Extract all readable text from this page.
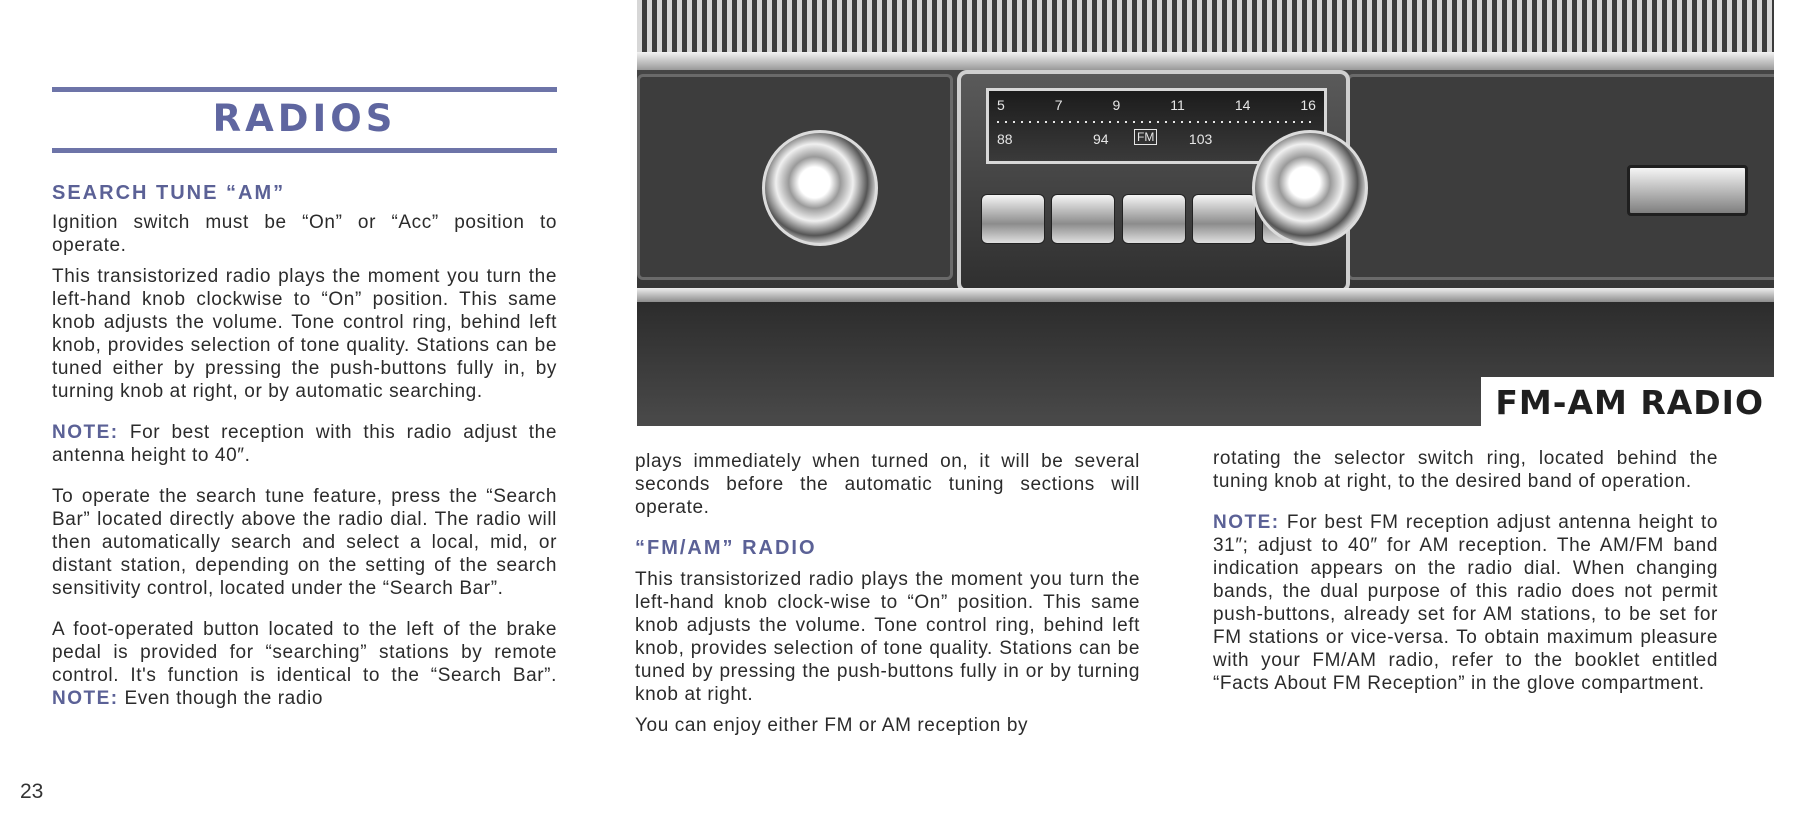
RADIOS
SEARCH TUNE “AM”

Ignition switch must be “On” or “Acc” position to operate.

This transistorized radio plays the moment you turn the left-hand knob clockwise to “On” position. This same knob adjusts the volume. Tone control ring, behind left knob, provides selection of tone quality. Stations can be tuned either by pressing the push-buttons fully in, by turning knob at right, or by automatic searching.

NOTE: For best reception with this radio adjust the antenna height to 40″.

To operate the search tune feature, press the “Search Bar” located directly above the radio dial. The radio will then automatically search and select a local, mid, or distant station, depending on the setting of the search sensitivity control, located under the “Search Bar”.

A foot-operated button located to the left of the brake pedal is provided for “searching” stations by remote control. It's function is identical to the “Search Bar”. NOTE: Even though the radio

5	7	9	11	14	16
88	94	103
FM
FM-AM RADIO

plays immediately when turned on, it will be several seconds before the automatic tuning sections will operate.

“FM/AM” RADIO

This transistorized radio plays the moment you turn the left-hand knob clock-wise to “On” position. This same knob adjusts the volume. Tone control ring, behind left knob, provides selection of tone quality. Stations can be tuned by pressing the push-buttons fully in or by turning knob at right.

You can enjoy either FM or AM reception by

rotating the selector switch ring, located behind the tuning knob at right, to the desired band of operation.

NOTE: For best FM reception adjust antenna height to 31″; adjust to 40″ for AM reception. The AM/FM band indication appears on the radio dial. When changing bands, the dual purpose of this radio does not permit push-buttons, already set for AM stations, to be set for FM stations or vice-versa. To obtain maximum pleasure with your FM/AM radio, refer to the booklet entitled “Facts About FM Reception” in the glove compartment.

23
